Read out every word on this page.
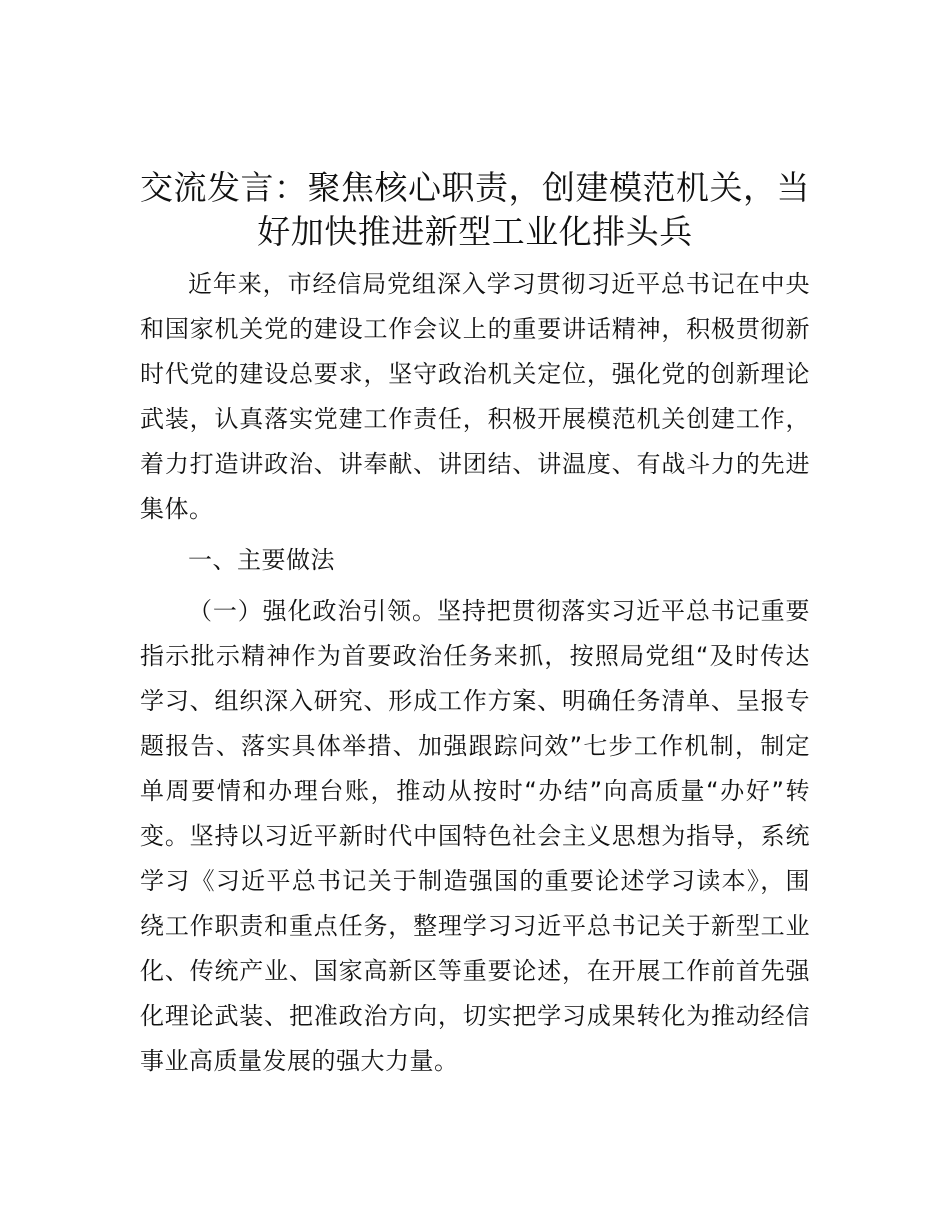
交流发言：聚焦核心职责，创建模范机关，当好加快推进新型工业化排头兵

近年来，市经信局党组深入学习贯彻习近平总书记在中央和国家机关党的建设工作会议上的重要讲话精神，积极贯彻新时代党的建设总要求，坚守政治机关定位，强化党的创新理论武装，认真落实党建工作责任，积极开展模范机关创建工作，着力打造讲政治、讲奉献、讲团结、讲温度、有战斗力的先进集体。

一、主要做法

（一）强化政治引领。坚持把贯彻落实习近平总书记重要指示批示精神作为首要政治任务来抓，按照局党组“及时传达学习、组织深入研究、形成工作方案、明确任务清单、呈报专题报告、落实具体举措、加强跟踪问效”七步工作机制，制定单周要情和办理台账，推动从按时“办结”向高质量“办好”转变。坚持以习近平新时代中国特色社会主义思想为指导，系统学习《习近平总书记关于制造强国的重要论述学习读本》，围绕工作职责和重点任务，整理学习习近平总书记关于新型工业化、传统产业、国家高新区等重要论述，在开展工作前首先强化理论武装、把准政治方向，切实把学习成果转化为推动经信事业高质量发展的强大力量。
